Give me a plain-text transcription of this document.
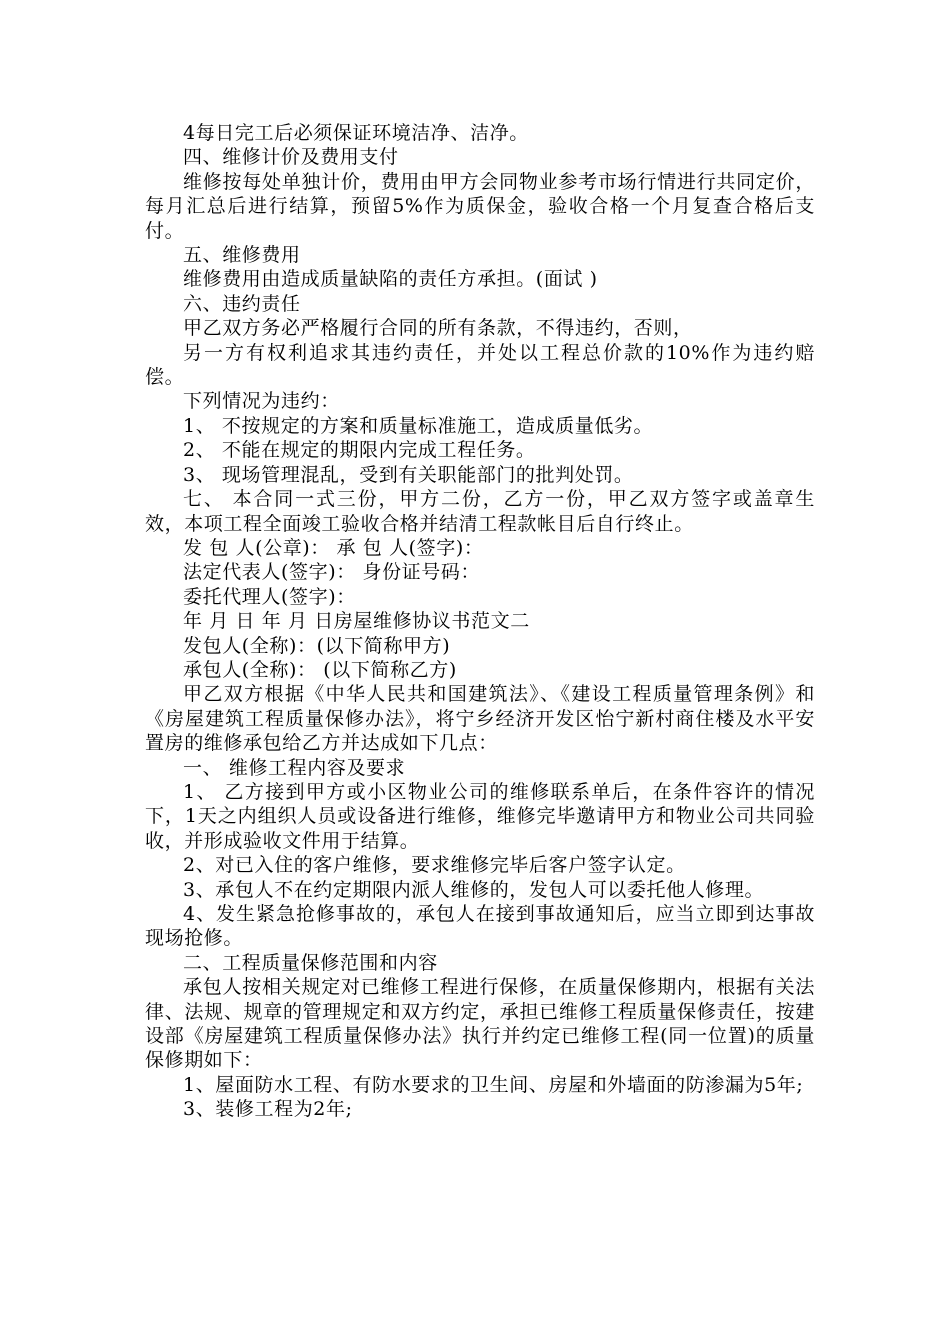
4每日完工后必须保证环境洁净、洁净。

四、维修计价及费用支付

维修按每处单独计价，费用由甲方会同物业参考市场行情进行共同定价，每月汇总后进行结算，预留5%作为质保金，验收合格一个月复查合格后支付。

五、维修费用

维修费用由造成质量缺陷的责任方承担。(面试 )

六、违约责任

甲乙双方务必严格履行合同的所有条款，不得违约，否则，

另一方有权利追求其违约责任，并处以工程总价款的10%作为违约赔偿。

下列情况为违约：

1、 不按规定的方案和质量标准施工，造成质量低劣。

2、 不能在规定的期限内完成工程任务。

3、 现场管理混乱，受到有关职能部门的批判处罚。

七、 本合同一式三份，甲方二份，乙方一份，甲乙双方签字或盖章生效，本项工程全面竣工验收合格并结清工程款帐目后自行终止。

发 包 人(公章)： 承 包 人(签字)：

法定代表人(签字)： 身份证号码：

委托代理人(签字)：

年 月 日 年 月 日房屋维修协议书范文二

发包人(全称)：(以下简称甲方)

承包人(全称)： (以下简称乙方)

甲乙双方根据《中华人民共和国建筑法》、《建设工程质量管理条例》和《房屋建筑工程质量保修办法》，将宁乡经济开发区怡宁新村商住楼及水平安置房的维修承包给乙方并达成如下几点：

一、 维修工程内容及要求

1、 乙方接到甲方或小区物业公司的维修联系单后，在条件容许的情况下，1天之内组织人员或设备进行维修，维修完毕邀请甲方和物业公司共同验收，并形成验收文件用于结算。

2、对已入住的客户维修，要求维修完毕后客户签字认定。

3、承包人不在约定期限内派人维修的，发包人可以委托他人修理。

4、发生紧急抢修事故的，承包人在接到事故通知后，应当立即到达事故现场抢修。

二、工程质量保修范围和内容

承包人按相关规定对已维修工程进行保修，在质量保修期内，根据有关法律、法规、规章的管理规定和双方约定，承担已维修工程质量保修责任，按建设部《房屋建筑工程质量保修办法》执行并约定已维修工程(同一位置)的质量保修期如下：

1、屋面防水工程、有防水要求的卫生间、房屋和外墙面的防渗漏为5年;

3、装修工程为2年;
